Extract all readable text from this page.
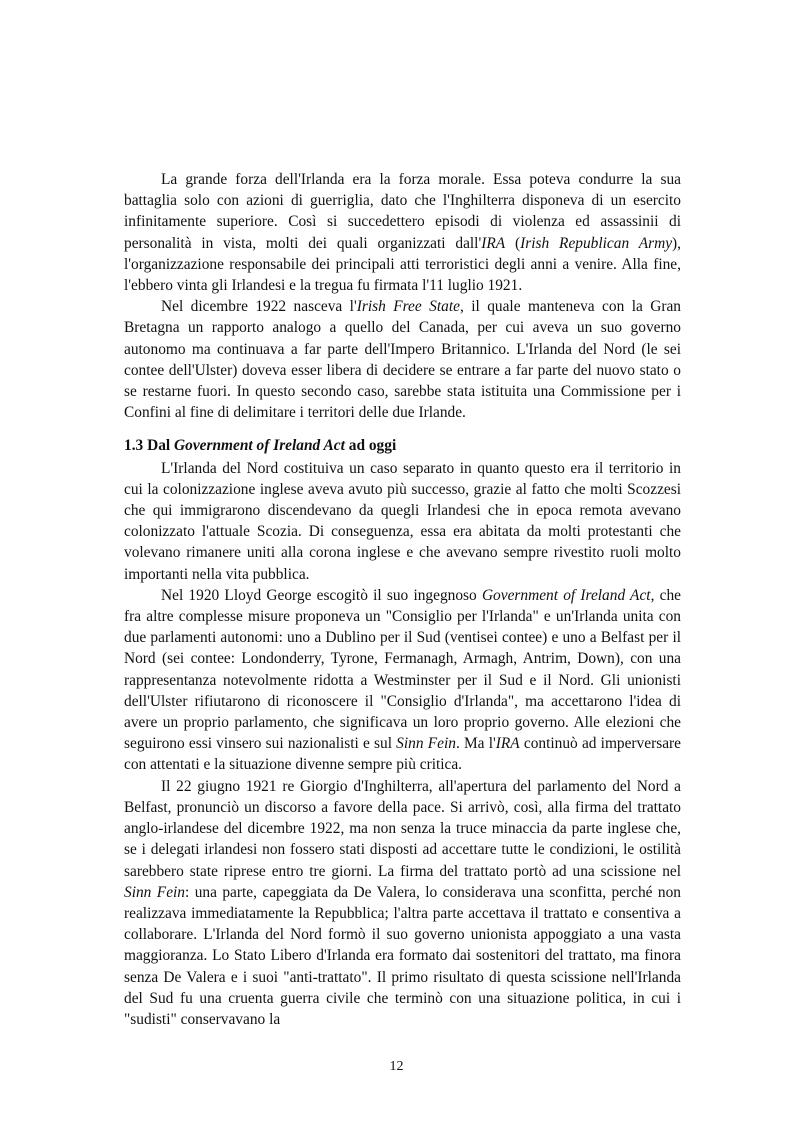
La grande forza dell'Irlanda era la forza morale. Essa poteva condurre la sua battaglia solo con azioni di guerriglia, dato che l'Inghilterra disponeva di un esercito infinitamente superiore. Così si succedettero episodi di violenza ed assassinii di personalità in vista, molti dei quali organizzati dall'IRA (Irish Republican Army), l'organizzazione responsabile dei principali atti terroristici degli anni a venire. Alla fine, l'ebbero vinta gli Irlandesi e la tregua fu firmata l'11 luglio 1921.

Nel dicembre 1922 nasceva l'Irish Free State, il quale manteneva con la Gran Bretagna un rapporto analogo a quello del Canada, per cui aveva un suo governo autonomo ma continuava a far parte dell'Impero Britannico. L'Irlanda del Nord (le sei contee dell'Ulster) doveva esser libera di decidere se entrare a far parte del nuovo stato o se restarne fuori. In questo secondo caso, sarebbe stata istituita una Commissione per i Confini al fine di delimitare i territori delle due Irlande.

1.3 Dal Government of Ireland Act ad oggi

L'Irlanda del Nord costituiva un caso separato in quanto questo era il territorio in cui la colonizzazione inglese aveva avuto più successo, grazie al fatto che molti Scozzesi che qui immigrarono discendevano da quegli Irlandesi che in epoca remota avevano colonizzato l'attuale Scozia. Di conseguenza, essa era abitata da molti protestanti che volevano rimanere uniti alla corona inglese e che avevano sempre rivestito ruoli molto importanti nella vita pubblica.

Nel 1920 Lloyd George escogitò il suo ingegnoso Government of Ireland Act, che fra altre complesse misure proponeva un "Consiglio per l'Irlanda" e un'Irlanda unita con due parlamenti autonomi: uno a Dublino per il Sud (ventisei contee) e uno a Belfast per il Nord (sei contee: Londonderry, Tyrone, Fermanagh, Armagh, Antrim, Down), con una rappresentanza notevolmente ridotta a Westminster per il Sud e il Nord. Gli unionisti dell'Ulster rifiutarono di riconoscere il "Consiglio d'Irlanda", ma accettarono l'idea di avere un proprio parlamento, che significava un loro proprio governo. Alle elezioni che seguirono essi vinsero sui nazionalisti e sul Sinn Fein. Ma l'IRA continuò ad imperversare con attentati e la situazione divenne sempre più critica.

Il 22 giugno 1921 re Giorgio d'Inghilterra, all'apertura del parlamento del Nord a Belfast, pronunciò un discorso a favore della pace. Si arrivò, così, alla firma del trattato anglo-irlandese del dicembre 1922, ma non senza la truce minaccia da parte inglese che, se i delegati irlandesi non fossero stati disposti ad accettare tutte le condizioni, le ostilità sarebbero state riprese entro tre giorni. La firma del trattato portò ad una scissione nel Sinn Fein: una parte, capeggiata da De Valera, lo considerava una sconfitta, perché non realizzava immediatamente la Repubblica; l'altra parte accettava il trattato e consentiva a collaborare. L'Irlanda del Nord formò il suo governo unionista appoggiato a una vasta maggioranza. Lo Stato Libero d'Irlanda era formato dai sostenitori del trattato, ma finora senza De Valera e i suoi "anti-trattato". Il primo risultato di questa scissione nell'Irlanda del Sud fu una cruenta guerra civile che terminò con una situazione politica, in cui i "sudisti" conservavano la

12
